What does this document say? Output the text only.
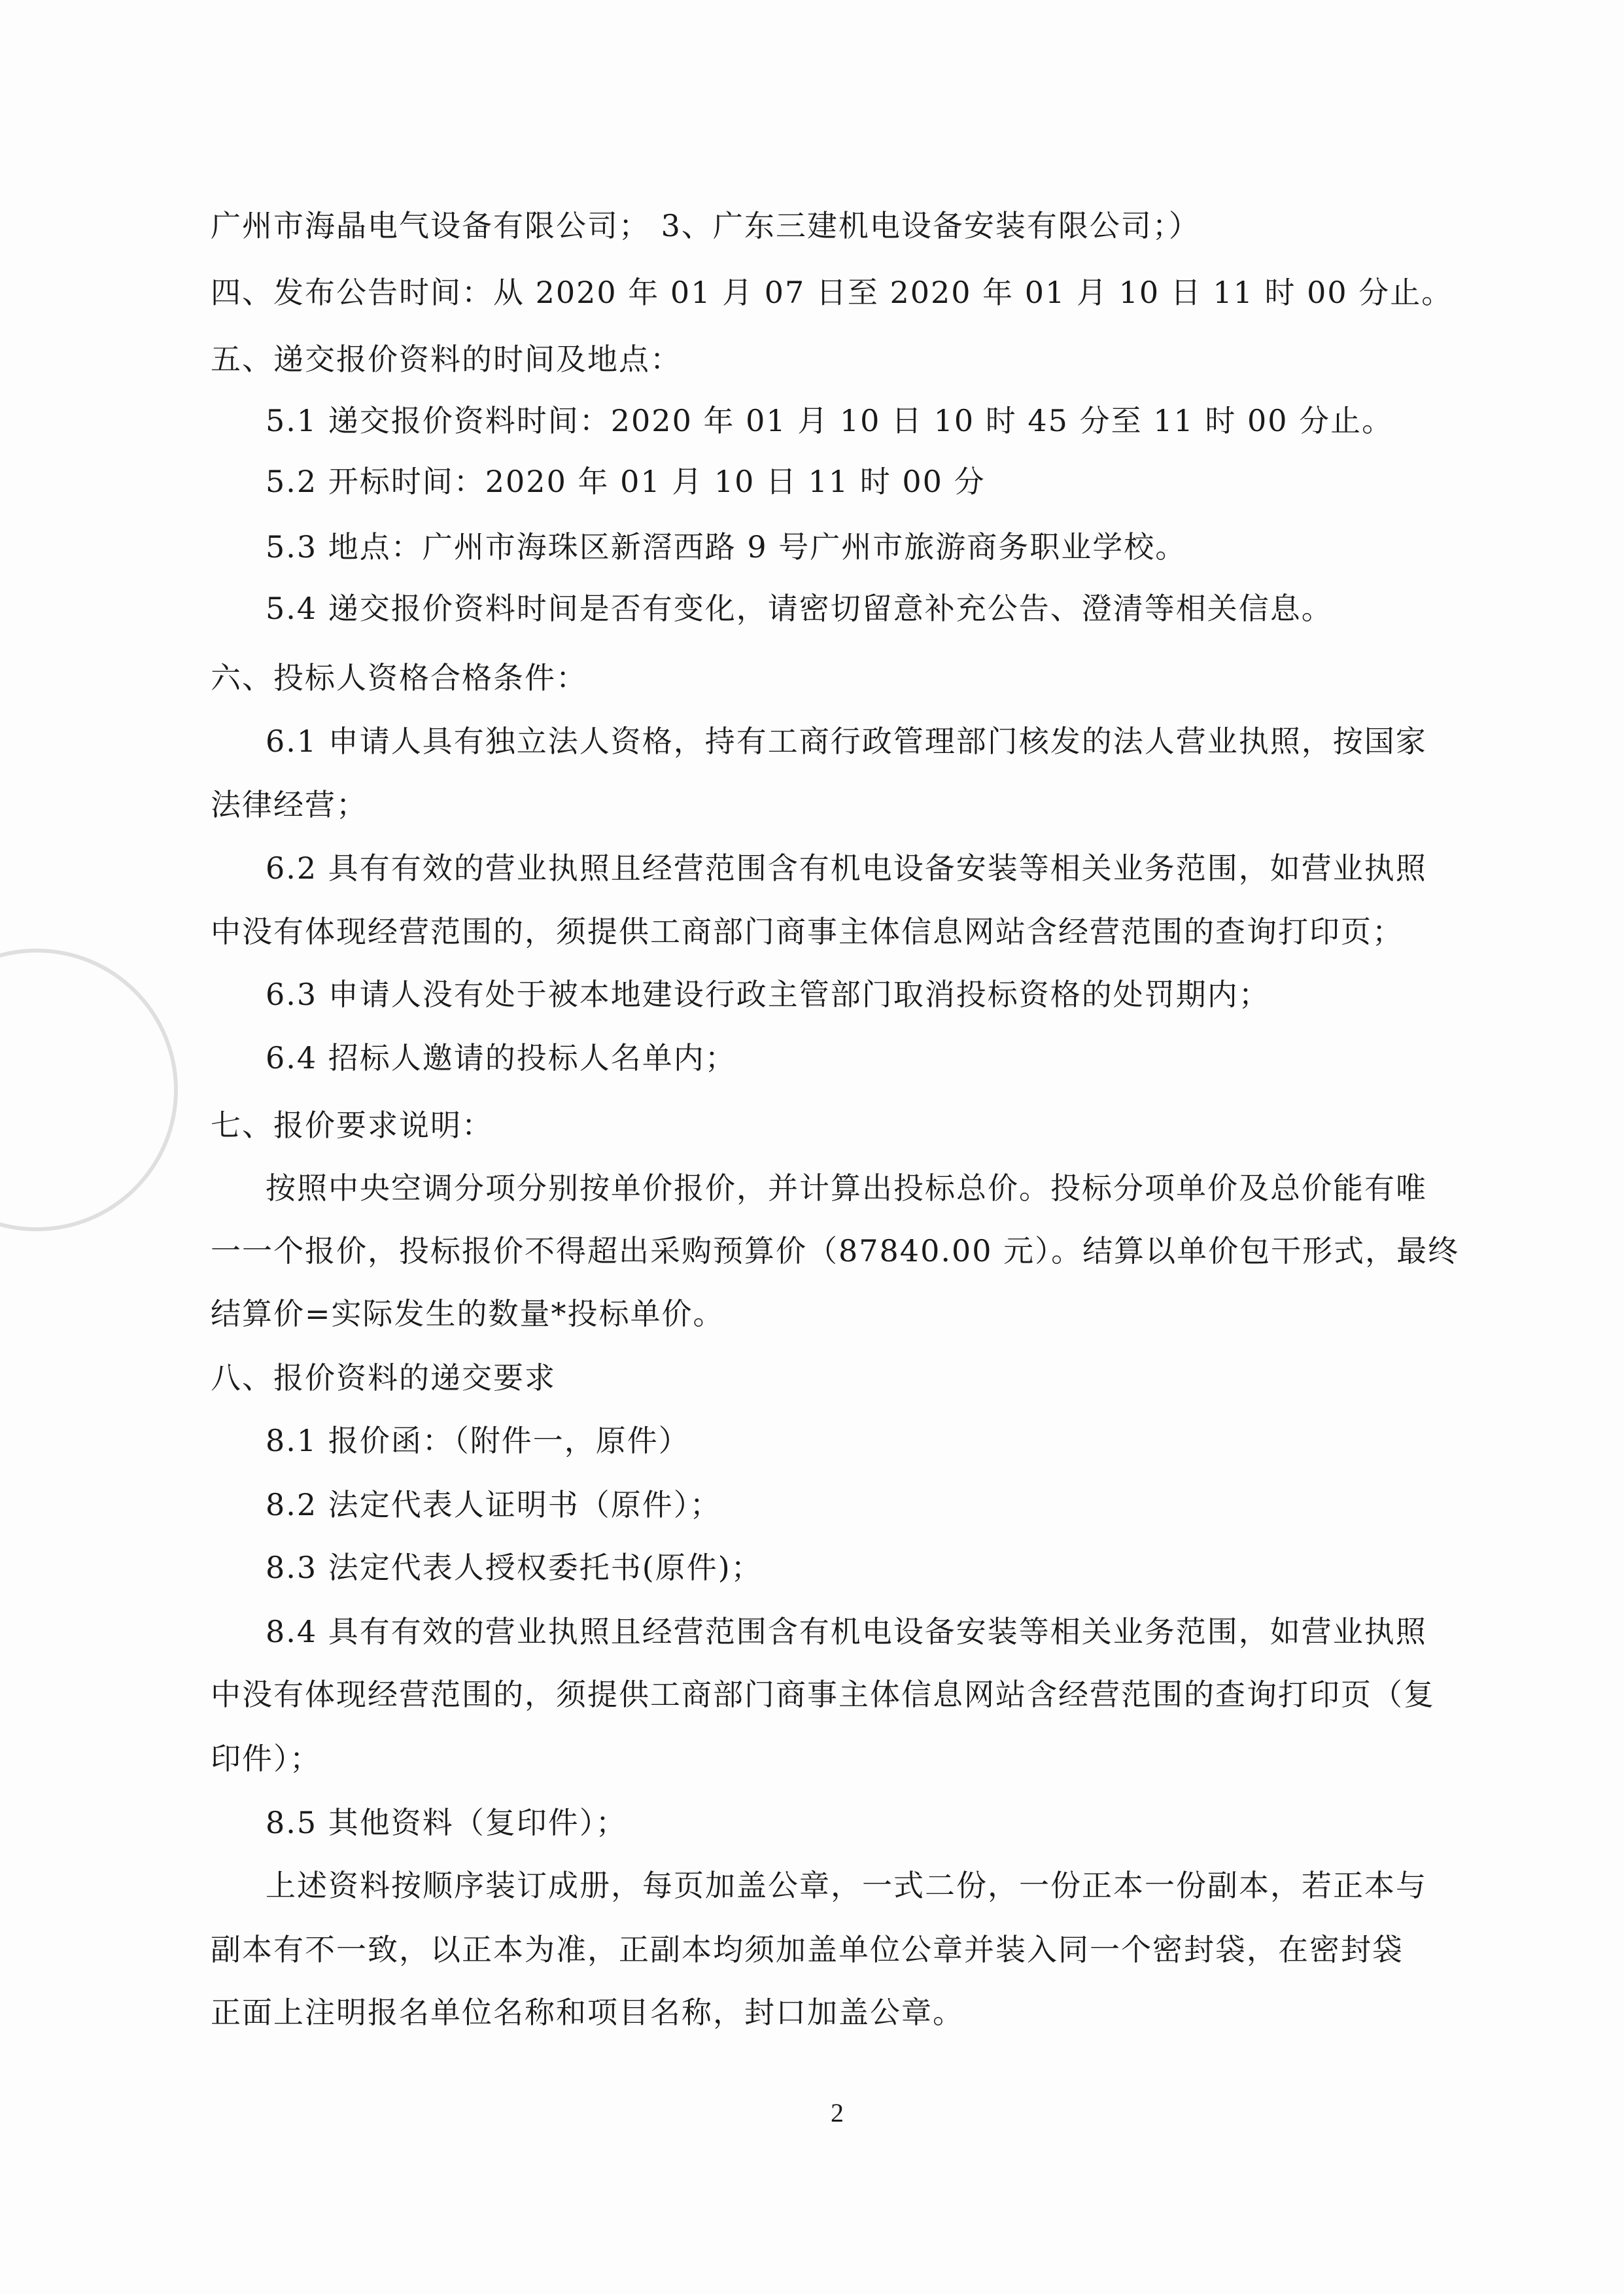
广州市海晶电气设备有限公司； 3、广东三建机电设备安装有限公司；）
四、发布公告时间：从 2020 年 01 月 07 日至 2020 年 01 月 10 日 11 时 00 分止。
五、递交报价资料的时间及地点：
5.1 递交报价资料时间：2020 年 01 月 10 日 10 时 45 分至 11 时 00 分止。
5.2 开标时间：2020 年 01 月 10 日 11 时 00 分
5.3 地点：广州市海珠区新滘西路 9 号广州市旅游商务职业学校。
5.4 递交报价资料时间是否有变化，请密切留意补充公告、澄清等相关信息。
六、投标人资格合格条件：
6.1 申请人具有独立法人资格，持有工商行政管理部门核发的法人营业执照，按国家
法律经营；
6.2 具有有效的营业执照且经营范围含有机电设备安装等相关业务范围，如营业执照
中没有体现经营范围的，须提供工商部门商事主体信息网站含经营范围的查询打印页；
6.3 申请人没有处于被本地建设行政主管部门取消投标资格的处罚期内；
6.4 招标人邀请的投标人名单内；
七、报价要求说明：
按照中央空调分项分别按单价报价，并计算出投标总价。投标分项单价及总价能有唯
一一个报价，投标报价不得超出采购预算价（87840.00 元）。结算以单价包干形式，最终
结算价=实际发生的数量*投标单价。
八、报价资料的递交要求
8.1 报价函：（附件一，原件）
8.2 法定代表人证明书（原件）；
8.3 法定代表人授权委托书(原件)；
8.4 具有有效的营业执照且经营范围含有机电设备安装等相关业务范围，如营业执照
中没有体现经营范围的，须提供工商部门商事主体信息网站含经营范围的查询打印页（复
印件）；
8.5 其他资料（复印件）；
上述资料按顺序装订成册，每页加盖公章，一式二份，一份正本一份副本，若正本与
副本有不一致，以正本为准，正副本均须加盖单位公章并装入同一个密封袋，在密封袋
正面上注明报名单位名称和项目名称，封口加盖公章。
2
